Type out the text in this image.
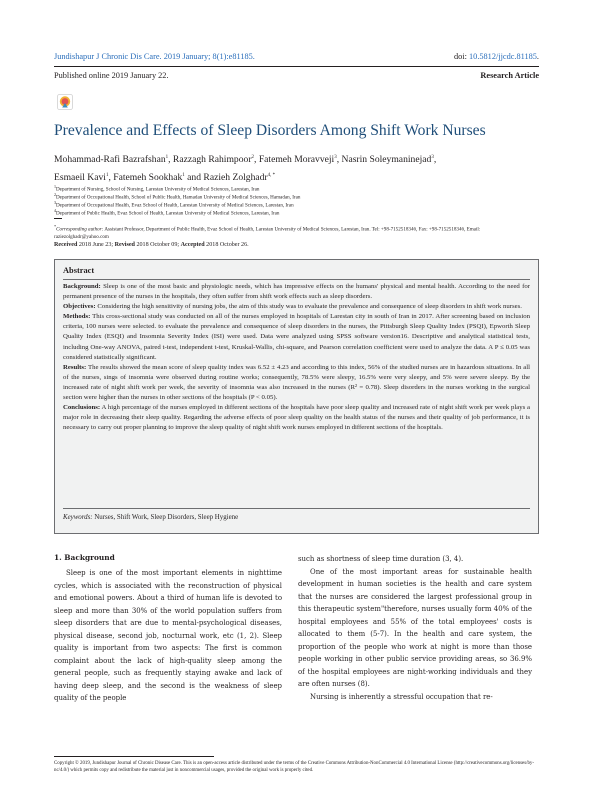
Jundishapur J Chronic Dis Care. 2019 January; 8(1):e81185.	doi: 10.5812/jjcdc.81185.
Published online 2019 January 22.	Research Article
Prevalence and Effects of Sleep Disorders Among Shift Work Nurses
Mohammad-Rafi Bazrafshan$^1$, Razzagh Rahimpoor$^2$, Fatemeh Moravveji$^3$, Nasrin Soleymaninejad$^3$,
Esmaeil Kavi$^1$, Fatemeh Sookhak$^1$ and Razieh Zolghadr$^{4, *}$
$^1$Department of Nursing, School of Nursing, Larestan University of Medical Sciences, Larestan, Iran
$^2$Department of Occupational Health, School of Public Health, Hamadan University of Medical Sciences, Hamadan, Iran
$^3$Department of Occupational Health, Evaz School of Health, Larestan University of Medical Sciences, Larestan, Iran
$^4$Department of Public Health, Evaz School of Health, Larestan University of Medical Sciences, Larestan, Iran
*Corresponding author: Assistant Professor, Department of Public Health, Evaz School of Health, Larestan University of Medical Sciences, Larestan, Iran. Tel: +98-7152518346, Fax: +98-7152518346, Email: raziezolghadr@yahoo.com
Received 2018 June 23; Revised 2018 October 09; Accepted 2018 October 26.
Abstract

Background: Sleep is one of the most basic and physiologic needs, which has impressive effects on the humans' physical and mental health. According to the need for permanent presence of the nurses in the hospitals, they often suffer from shift work effects such as sleep disorders.

Objectives: Considering the high sensitivity of nursing jobs, the aim of this study was to evaluate the prevalence and consequence of sleep disorders in shift work nurses.

Methods: This cross-sectional study was conducted on all of the nurses employed in hospitals of Larestan city in south of Iran in 2017. After screening based on inclusion criteria, 100 nurses were selected. to evaluate the prevalence and consequence of sleep disorders in the nurses, the Pittsburgh Sleep Quality Index (PSQI), Epworth Sleep Quality Index (ESQI) and Insomnia Severity Index (ISI) were used. Data were analyzed using SPSS software version16. Descriptive and analytical statistical tests, including One-way ANOVA, paired t-test, independent t-test, Kruskal-Wallis, chi-square, and Pearson correlation coefficient were used to analyze the data. A P ≤ 0.05 was considered statistically significant.

Results: The results showed the mean score of sleep quality index was 6.52 ± 4.23 and according to this index, 56% of the studied nurses are in hazardous situations. In all of the nurses, sings of insomnia were observed during routine works; consequently, 78.5% were sleepy, 16.5% were very sleepy, and 5% were severe sleepy. By the increased rate of night shift work per week, the severity of insomnia was also increased in the nurses (R² = 0.78). Sleep disorders in the nurses working in the surgical section were higher than the nurses in other sections of the hospitals (P < 0.05).

Conclusions: A high percentage of the nurses employed in different sections of the hospitals have poor sleep quality and increased rate of night shift work per week plays a major role in decreasing their sleep quality. Regarding the adverse effects of poor sleep quality on the health status of the nurses and their quality of job performance, it is necessary to carry out proper planning to improve the sleep quality of night shift work nurses employed in different sections of the hospitals.

Keywords: Nurses, Shift Work, Sleep Disorders, Sleep Hygiene
1. Background
Sleep is one of the most important elements in nighttime cycles, which is associated with the reconstruction of physical and emotional powers. About a third of human life is devoted to sleep and more than 30% of the world population suffers from sleep disorders that are due to mental-psychological diseases, physical disease, second job, nocturnal work, etc (1, 2). Sleep quality is important from two aspects: The first is common complaint about the lack of high-quality sleep among the general people, such as frequently staying awake and lack of having deep sleep, and the second is the weakness of sleep quality of the people
such as shortness of sleep time duration (3, 4).
One of the most important areas for sustainable health development in human societies is the health and care system that the nurses are considered the largest professional group in this therapeutic system"therefore, nurses usually form 40% of the hospital employees and 55% of the total employees' costs is allocated to them (5-7). In the health and care system, the proportion of the people who work at night is more than those people working in other public service providing areas, so 36.9% of the hospital employees are night-working individuals and they are often nurses (8).
Nursing is inherently a stressful occupation that re-
Copyright © 2019, Jundishapur Journal of Chronic Disease Care. This is an open-access article distributed under the terms of the Creative Commons Attribution-NonCommercial 4.0 International License (http://creativecommons.org/licenses/by-nc/4.0/) which permits copy and redistribute the material just in noncommercial usages, provided the original work is properly cited.
